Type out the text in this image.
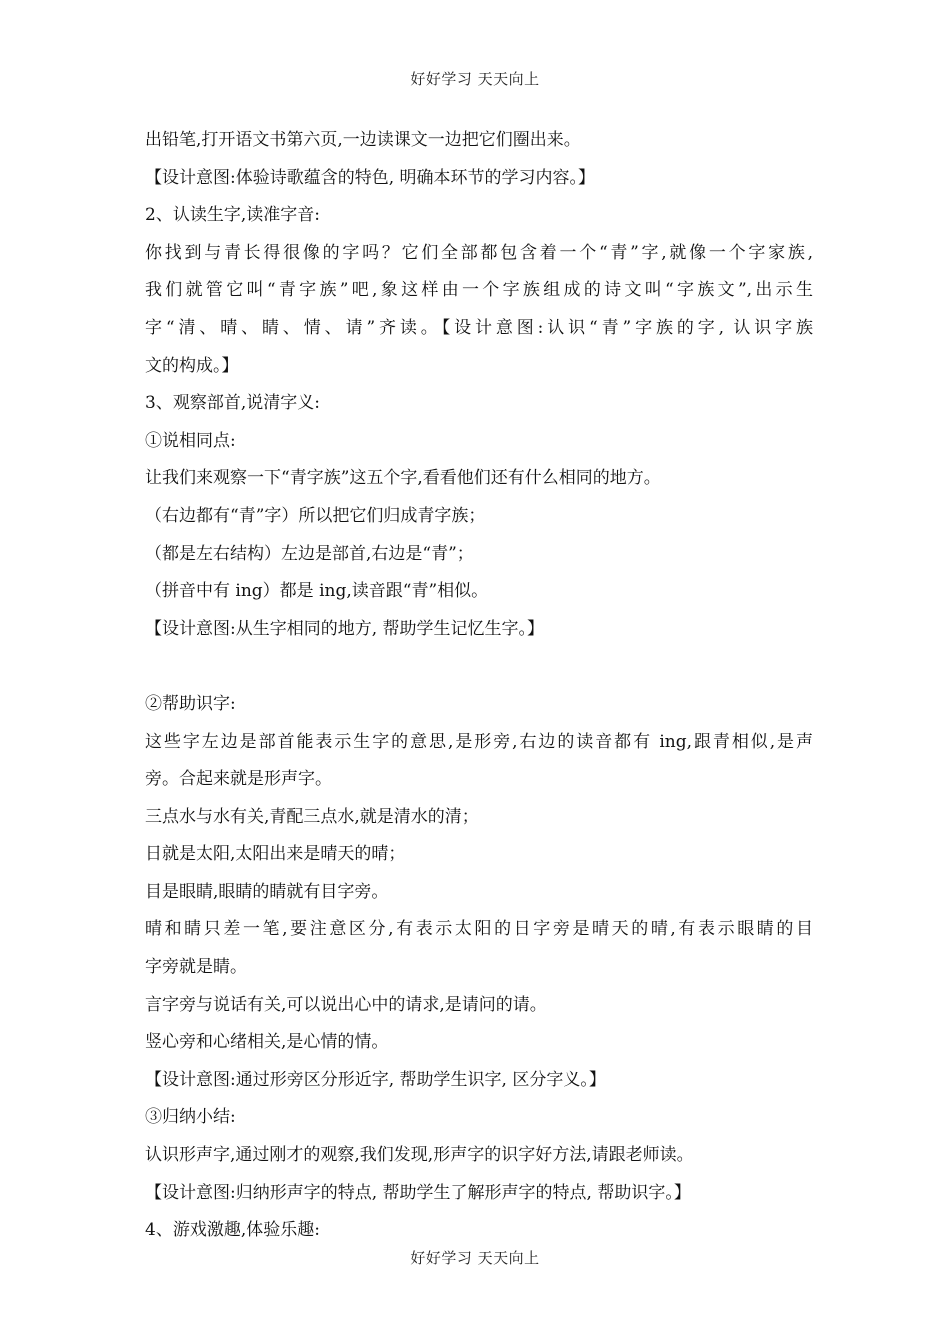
好好学习 天天向上
出铅笔,打开语文书第六页,一边读课文一边把它们圈出来。
【设计意图:体验诗歌蕴含的特色, 明确本环节的学习内容。】
2、认读生字,读准字音:
你找到与青长得很像的字吗？它们全部都包含着一个“青”字,就像一个字家族,
我们就管它叫“青字族”吧,象这样由一个字族组成的诗文叫“字族文”,出示生
字“清、晴、睛、情、请”齐读。【设计意图:认识“青”字族的字, 认识字族
文的构成。】
3、观察部首,说清字义:
①说相同点:
让我们来观察一下“青字族”这五个字,看看他们还有什么相同的地方。
（右边都有“青”字）所以把它们归成青字族；
（都是左右结构）左边是部首,右边是“青”；
（拼音中有 ing）都是 ing,读音跟“青”相似。
【设计意图:从生字相同的地方, 帮助学生记忆生字。】
②帮助识字:
这些字左边是部首能表示生字的意思,是形旁,右边的读音都有 ing,跟青相似,是声
旁。合起来就是形声字。
三点水与水有关,青配三点水,就是清水的清；
日就是太阳,太阳出来是晴天的晴；
目是眼睛,眼睛的睛就有目字旁。
晴和睛只差一笔,要注意区分,有表示太阳的日字旁是晴天的晴,有表示眼睛的目
字旁就是睛。
言字旁与说话有关,可以说出心中的请求,是请问的请。
竖心旁和心绪相关,是心情的情。
【设计意图:通过形旁区分形近字, 帮助学生识字, 区分字义。】
③归纳小结:
认识形声字,通过刚才的观察,我们发现,形声字的识字好方法,请跟老师读。
【设计意图:归纳形声字的特点, 帮助学生了解形声字的特点, 帮助识字。】
4、游戏激趣,体验乐趣:
好好学习 天天向上
